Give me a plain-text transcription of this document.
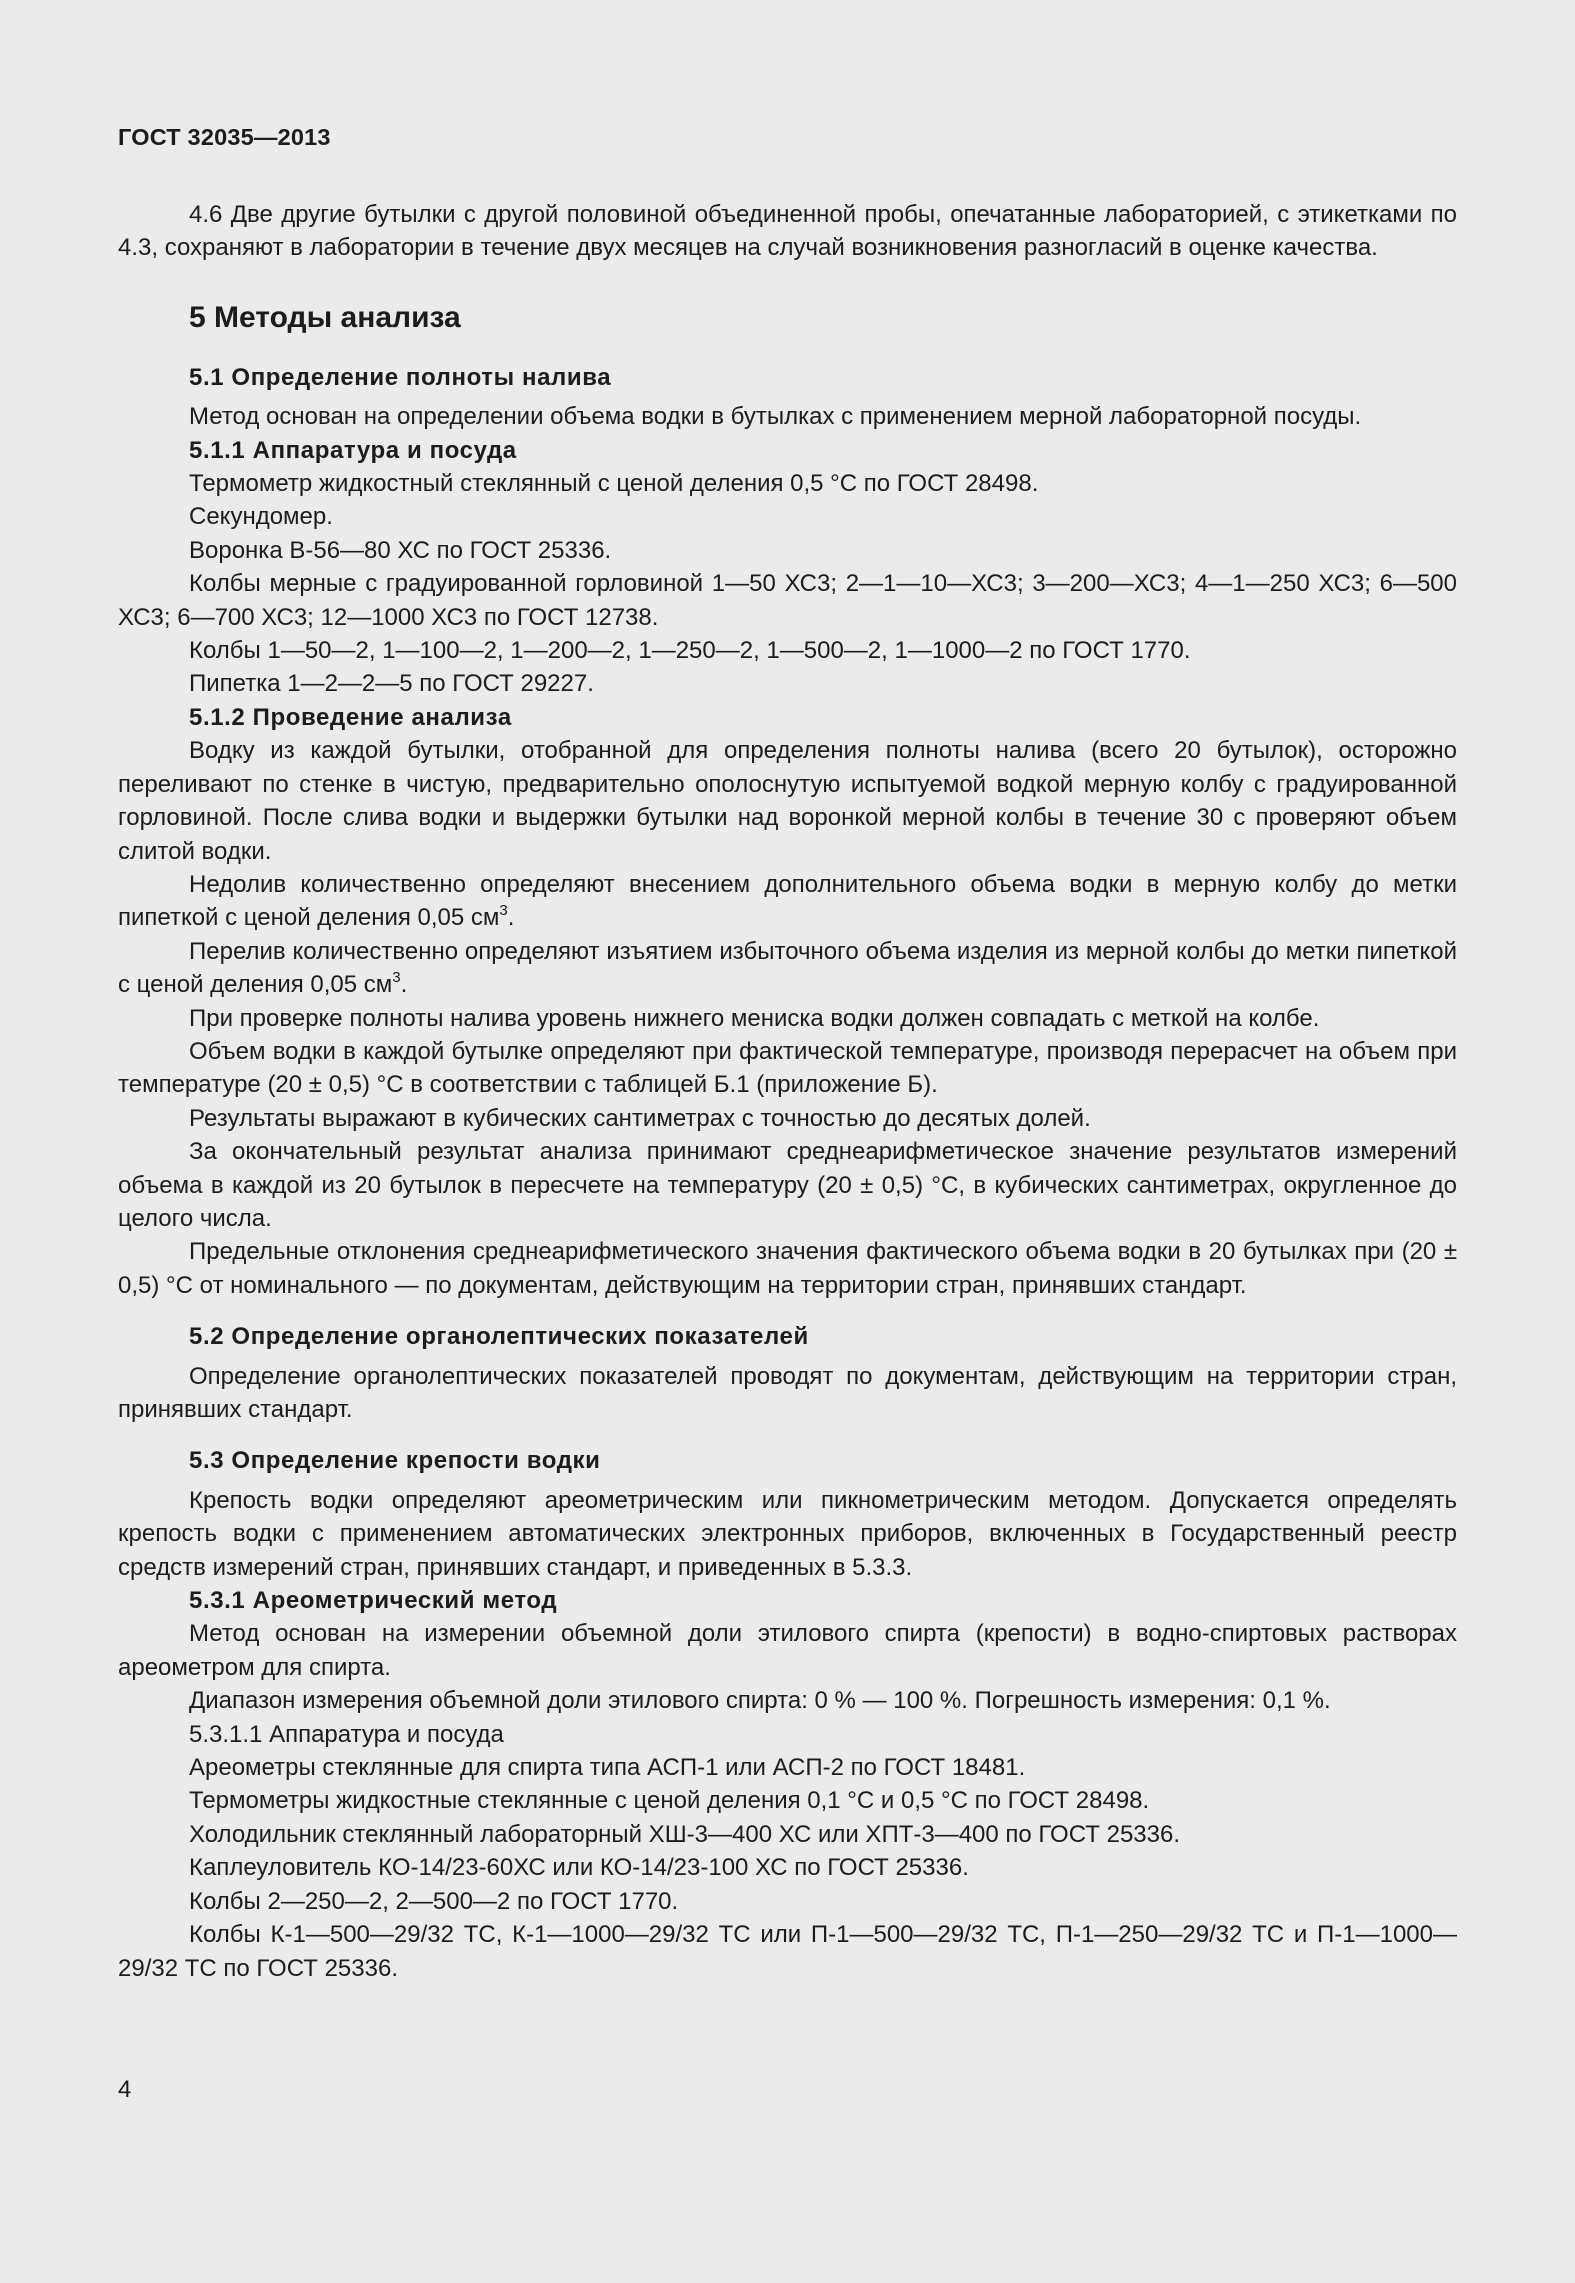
ГОСТ 32035—2013

4.6 Две другие бутылки с другой половиной объединенной пробы, опечатанные лабораторией, с этикетками по 4.3, сохраняют в лаборатории в течение двух месяцев на случай возникновения разногласий в оценке качества.

5 Методы анализа
5.1 Определение полноты налива

Метод основан на определении объема водки в бутылках с применением мерной лабораторной посуды.

5.1.1 Аппаратура и посуда

Термометр жидкостный стеклянный с ценой деления 0,5 °С по ГОСТ 28498.

Секундомер.

Воронка В-56—80 ХС по ГОСТ 25336.

Колбы мерные с градуированной горловиной 1—50 ХС3; 2—1—10—ХС3; 3—200—ХС3; 4—1—250 ХС3; 6—500 ХС3; 6—700 ХС3; 12—1000 ХС3 по ГОСТ 12738.

Колбы 1—50—2, 1—100—2, 1—200—2, 1—250—2, 1—500—2, 1—1000—2 по ГОСТ 1770.

Пипетка 1—2—2—5 по ГОСТ 29227.

5.1.2 Проведение анализа

Водку из каждой бутылки, отобранной для определения полноты налива (всего 20 бутылок), осторожно переливают по стенке в чистую, предварительно ополоснутую испытуемой водкой мерную колбу с градуированной горловиной. После слива водки и выдержки бутылки над воронкой мерной колбы в течение 30 с проверяют объем слитой водки.

Недолив количественно определяют внесением дополнительного объема водки в мерную колбу до метки пипеткой с ценой деления 0,05 $см^3$.

Перелив количественно определяют изъятием избыточного объема изделия из мерной колбы до метки пипеткой с ценой деления 0,05 $см^3$.

При проверке полноты налива уровень нижнего мениска водки должен совпадать с меткой на колбе.

Объем водки в каждой бутылке определяют при фактической температуре, производя перерасчет на объем при температуре (20 ± 0,5) °С в соответствии с таблицей Б.1 (приложение Б).

Результаты выражают в кубических сантиметрах с точностью до десятых долей.

За окончательный результат анализа принимают среднеарифметическое значение результатов измерений объема в каждой из 20 бутылок в пересчете на температуру (20 ± 0,5) °С, в кубических сантиметрах, округленное до целого числа.

Предельные отклонения среднеарифметического значения фактического объема водки в 20 бутылках при (20 ± 0,5) °С от номинального — по документам, действующим на территории стран, принявших стандарт.

5.2 Определение органолептических показателей

Определение органолептических показателей проводят по документам, действующим на территории стран, принявших стандарт.

5.3 Определение крепости водки

Крепость водки определяют ареометрическим или пикнометрическим методом. Допускается определять крепость водки с применением автоматических электронных приборов, включенных в Государственный реестр средств измерений стран, принявших стандарт, и приведенных в 5.3.3.

5.3.1 Ареометрический метод

Метод основан на измерении объемной доли этилового спирта (крепости) в водно-спиртовых растворах ареометром для спирта.

Диапазон измерения объемной доли этилового спирта: 0 % — 100 %. Погрешность измерения: 0,1 %.

5.3.1.1 Аппаратура и посуда

Ареометры стеклянные для спирта типа АСП-1 или АСП-2 по ГОСТ 18481.

Термометры жидкостные стеклянные с ценой деления 0,1 °С и 0,5 °С по ГОСТ 28498.

Холодильник стеклянный лабораторный ХШ-3—400 ХС или ХПТ-3—400 по ГОСТ 25336.

Каплеуловитель КО-14/23-60ХС или КО-14/23-100 ХС по ГОСТ 25336.

Колбы 2—250—2, 2—500—2 по ГОСТ 1770.

Колбы К-1—500—29/32 ТС, К-1—1000—29/32 ТС или П-1—500—29/32 ТС, П-1—250—29/32 ТС и П-1—1000—29/32 ТС по ГОСТ 25336.

4
